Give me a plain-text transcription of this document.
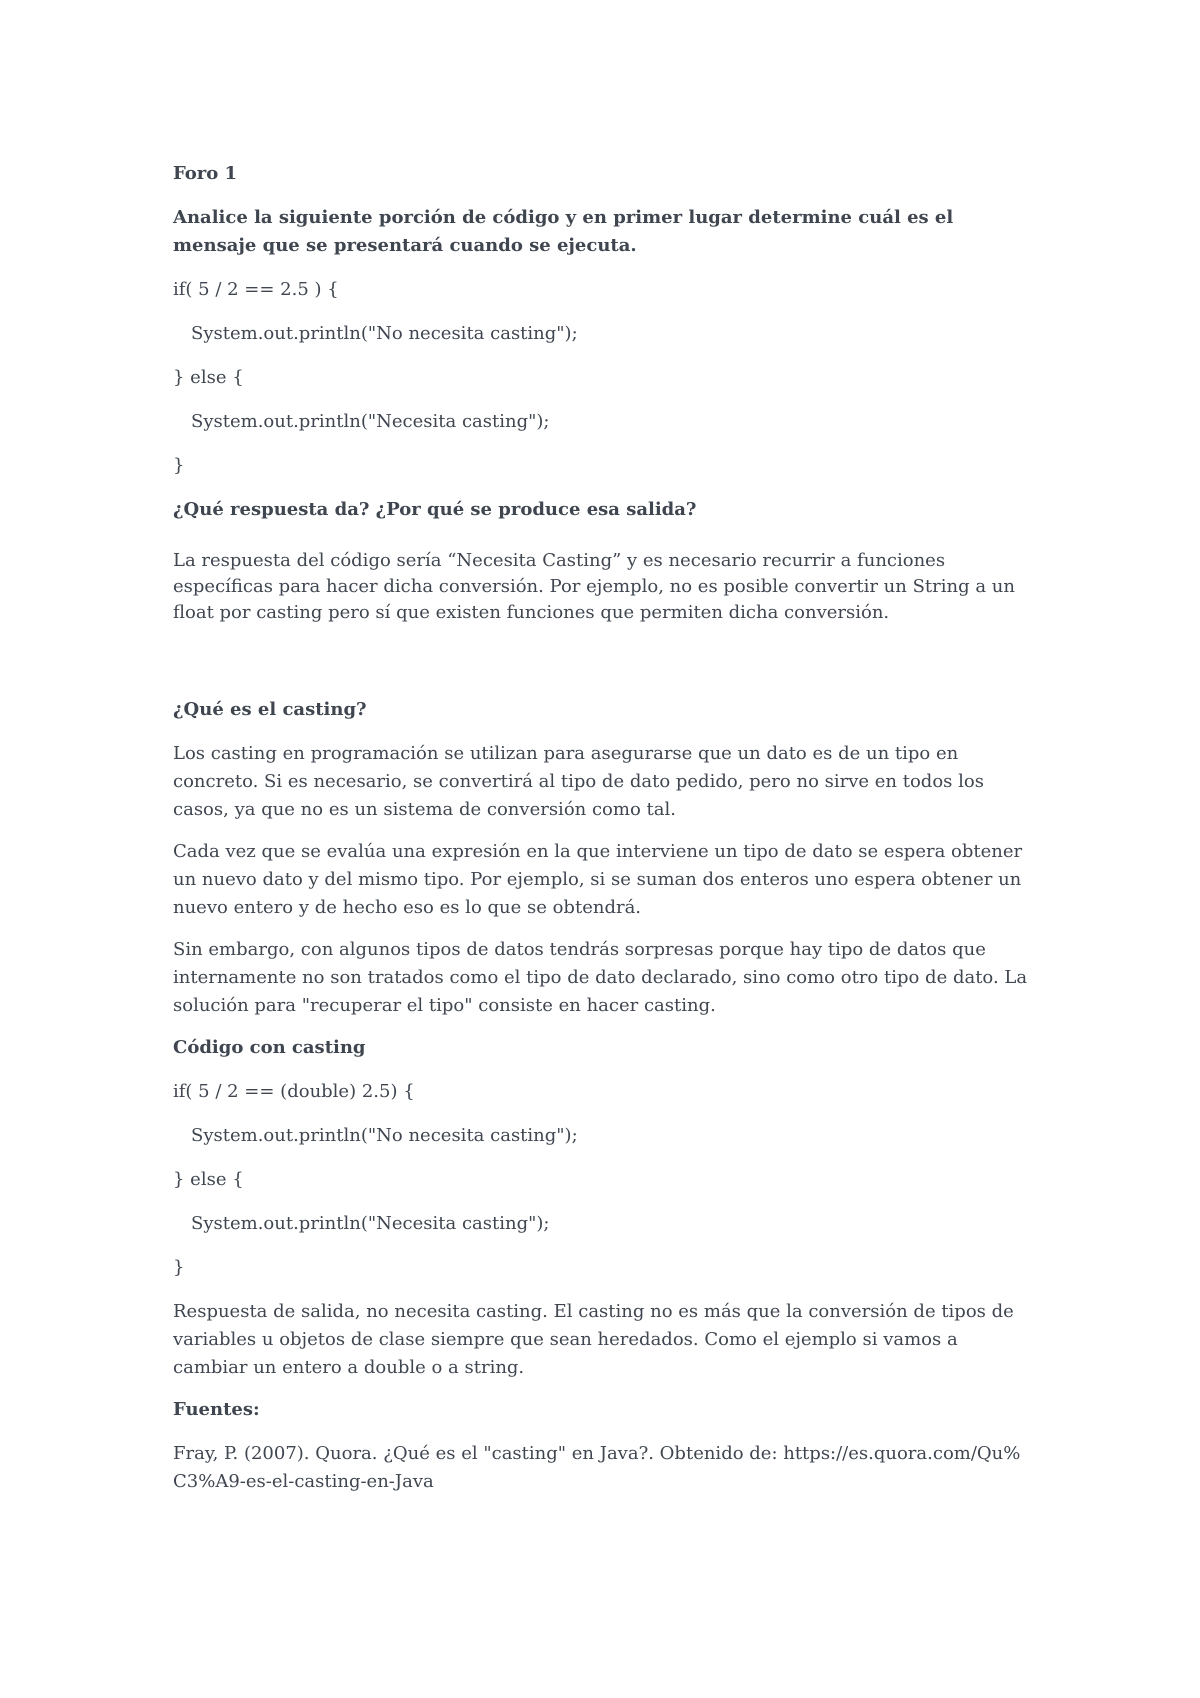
Foro 1

Analice la siguiente porción de código y en primer lugar determine cuál es el mensaje que se presentará cuando se ejecuta.

if( 5 / 2 == 2.5 ) {

System.out.println("No necesita casting");

} else {

System.out.println("Necesita casting");

}

¿Qué respuesta da? ¿Por qué se produce esa salida?

La respuesta del código sería “Necesita Casting” y es necesario recurrir a funciones específicas para hacer dicha conversión. Por ejemplo, no es posible convertir un String a un float por casting pero sí que existen funciones que permiten dicha conversión.

¿Qué es el casting?

Los casting en programación se utilizan para asegurarse que un dato es de un tipo en concreto. Si es necesario, se convertirá al tipo de dato pedido, pero no sirve en todos los casos, ya que no es un sistema de conversión como tal.

Cada vez que se evalúa una expresión en la que interviene un tipo de dato se espera obtener un nuevo dato y del mismo tipo. Por ejemplo, si se suman dos enteros uno espera obtener un nuevo entero y de hecho eso es lo que se obtendrá.

Sin embargo, con algunos tipos de datos tendrás sorpresas porque hay tipo de datos que internamente no son tratados como el tipo de dato declarado, sino como otro tipo de dato. La solución para "recuperar el tipo" consiste en hacer casting.

Código con casting

if( 5 / 2 == (double) 2.5) {

System.out.println("No necesita casting");

} else {

System.out.println("Necesita casting");

}

Respuesta de salida, no necesita casting. El casting no es más que la conversión de tipos de variables u objetos de clase siempre que sean heredados. Como el ejemplo si vamos a cambiar un entero a double o a string.

Fuentes:

Fray, P. (2007). Quora. ¿Qué es el "casting" en Java?. Obtenido de: https://es.quora.com/Qu%C3%A9-es-el-casting-en-Java
